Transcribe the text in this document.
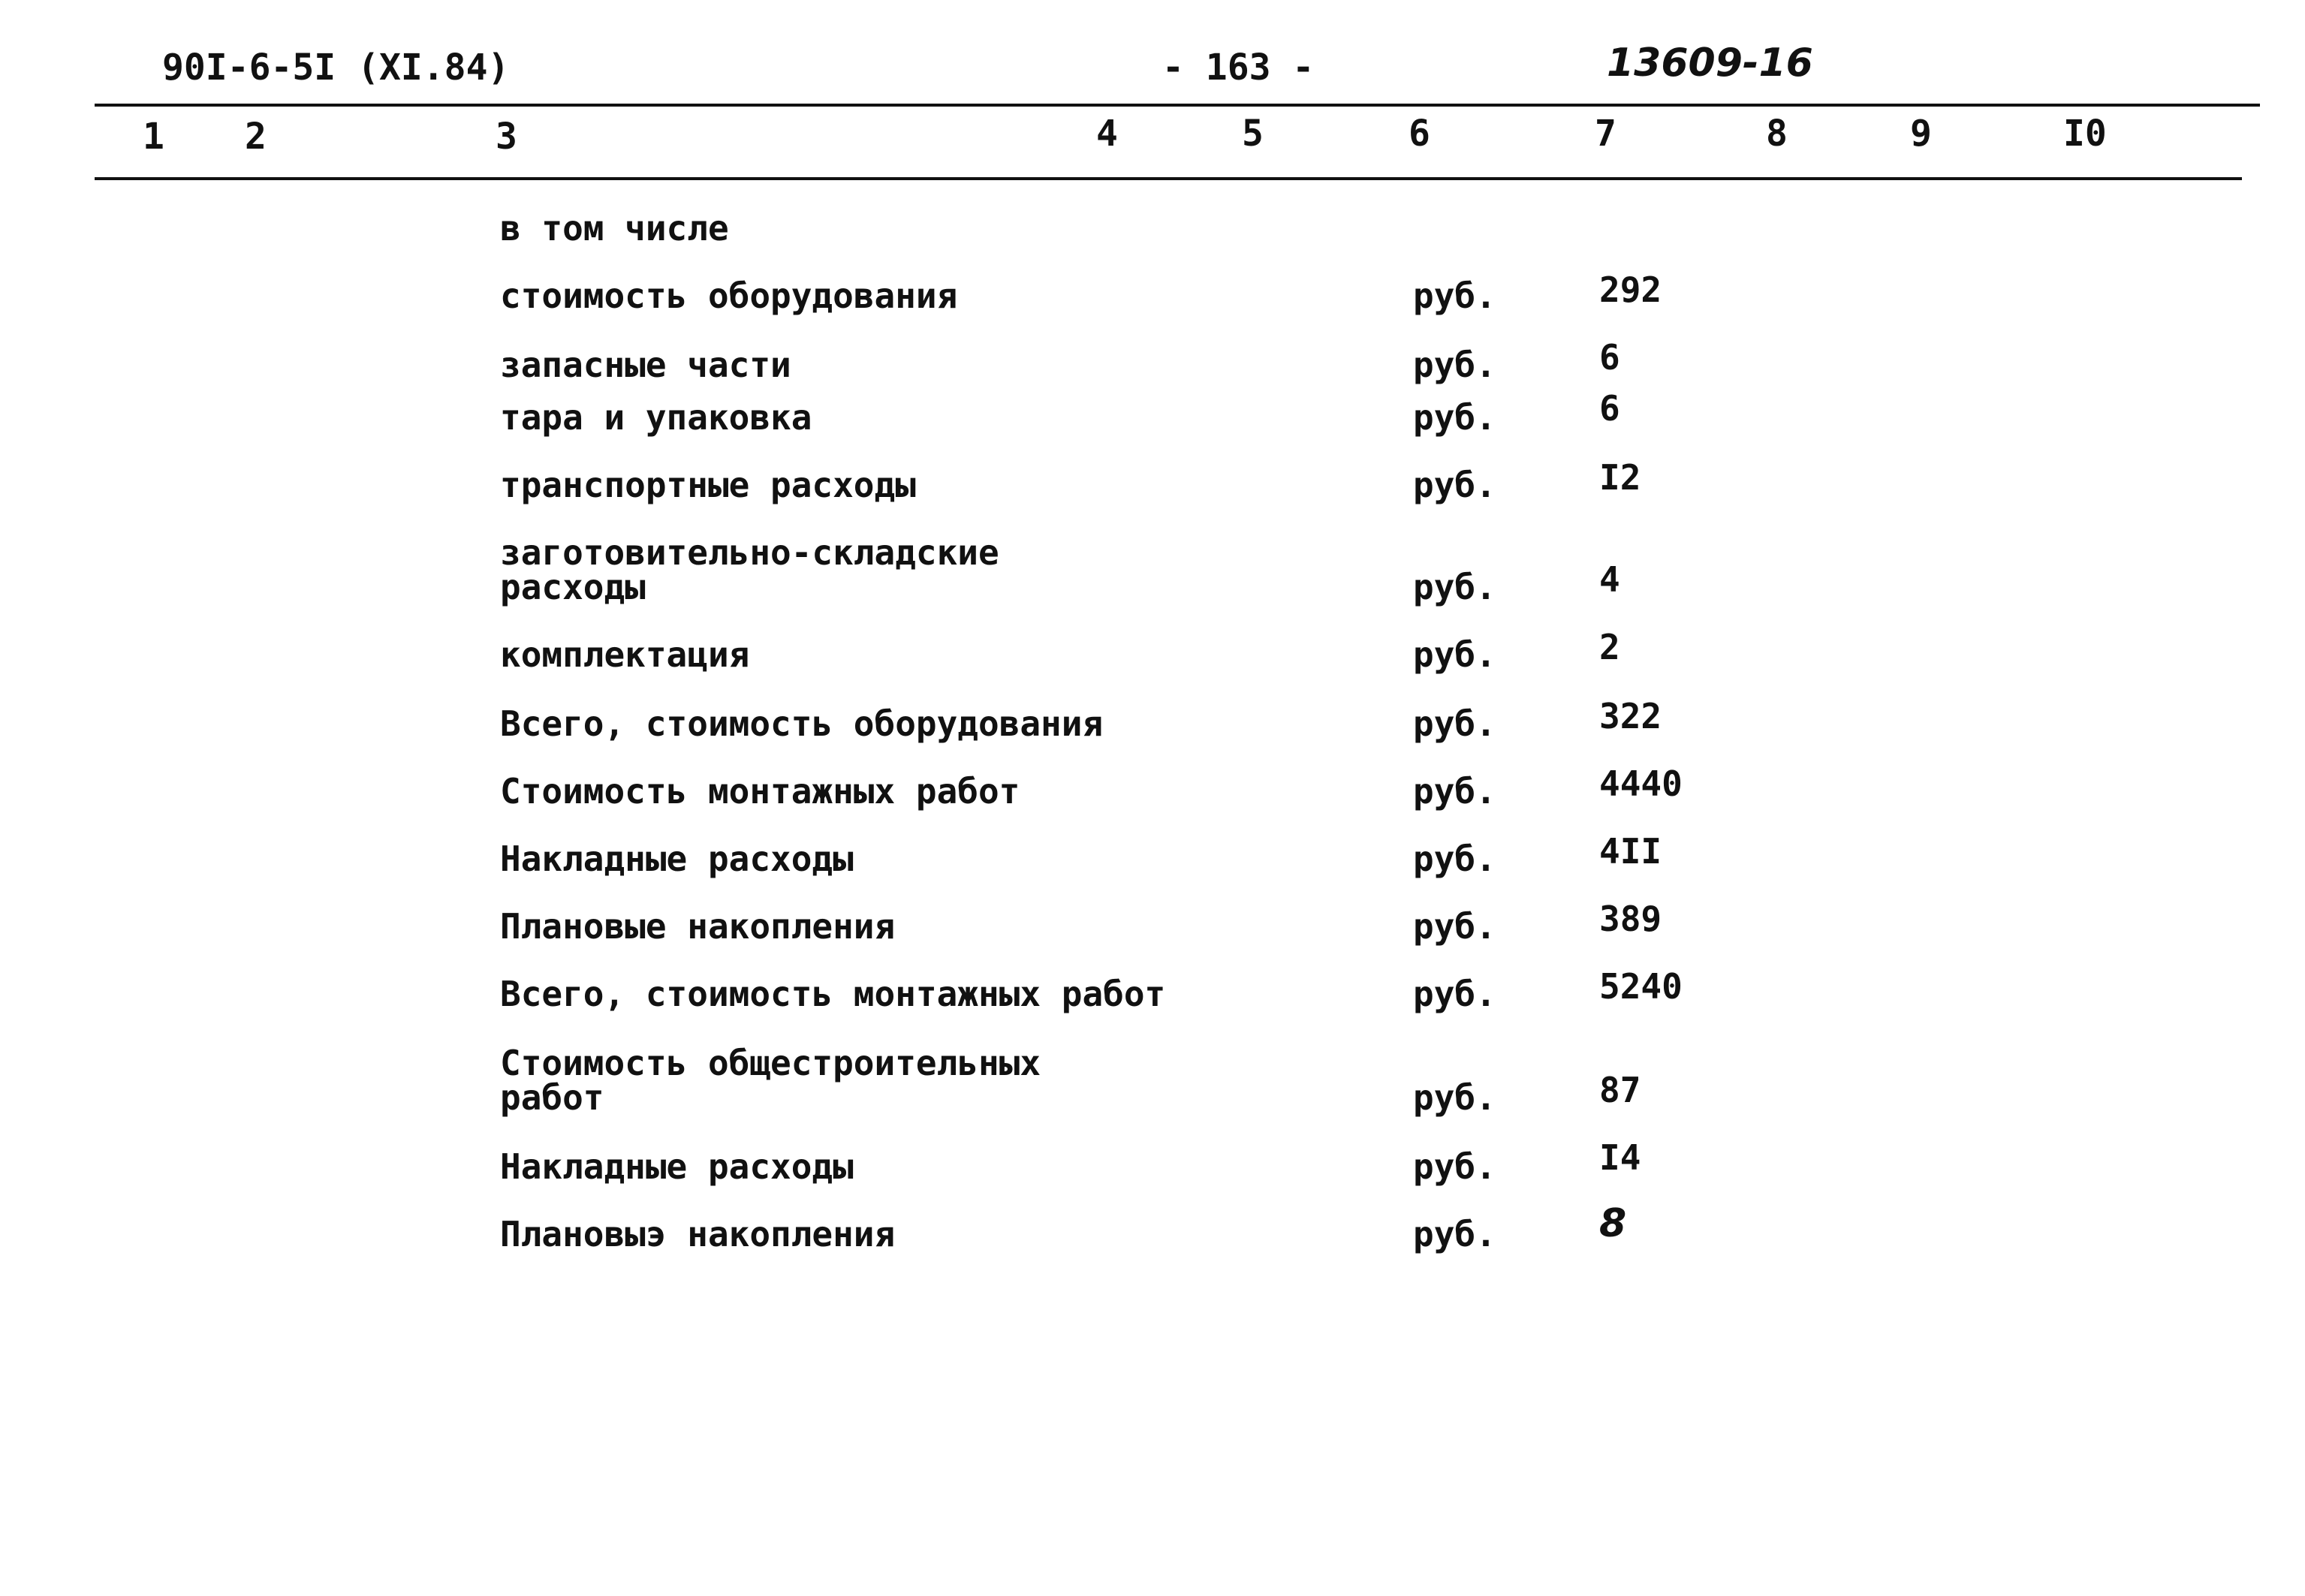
90I-6-5I (XI.84)	- 163 -	13609-16
1 2	3	4	5	6	7	8	9	I0
в том числе
стоимость оборудования	руб.	292
запасные части	руб.	6
тара и упаковка	руб.	6
транспортные расходы	руб.	I2
заготовительно-складские
расходы	руб.	4
комплектация	руб.	2
Всего, стоимость оборудования	руб.	322
Стоимость монтажных работ	руб.	4440
Накладные расходы	руб.	4II
Плановые накопления	руб.	389
Всего, стоимость монтажных работ	руб.	5240
Стоимость общестроительных
работ	руб.	87
Накладные расходы	руб.	I4
Плановыэ накопления	руб.	8
